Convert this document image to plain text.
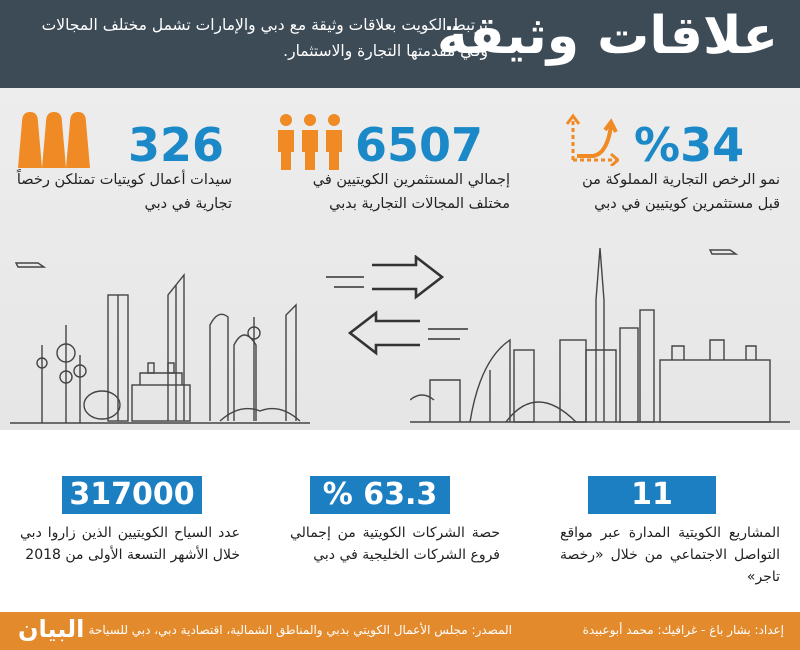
علاقات وثيقة
ترتبط الكويت بعلاقات وثيقة مع دبي والإمارات تشمل مختلف المجالات وفي مقدمتها التجارة والاستثمار.
%34
نمو الرخص التجارية المملوكة من قبل مستثمرين كويتيين في دبي
6507
إجمالي المستثمرين الكويتيين في مختلف المجالات التجارية بدبي
326
سيدات أعمال كويتيات تمتلكن رخصاً تجارية في دبي
11
المشاريع الكويتية المدارة عبر مواقع التواصل الاجتماعي من خلال «رخصة تاجر»
% 63.3
حصة الشركات الكويتية من إجمالي فروع الشركات الخليجية في دبي
317000
عدد السياح الكويتيين الذين زاروا دبي خلال الأشهر التسعة الأولى من 2018
إعداد: بشار باغ - غرافيك: محمد أبوعبيدة
المصدر: مجلس الأعمال الكويتي بدبي والمناطق الشمالية، اقتصادية دبي، دبي للسياحة
البيان
